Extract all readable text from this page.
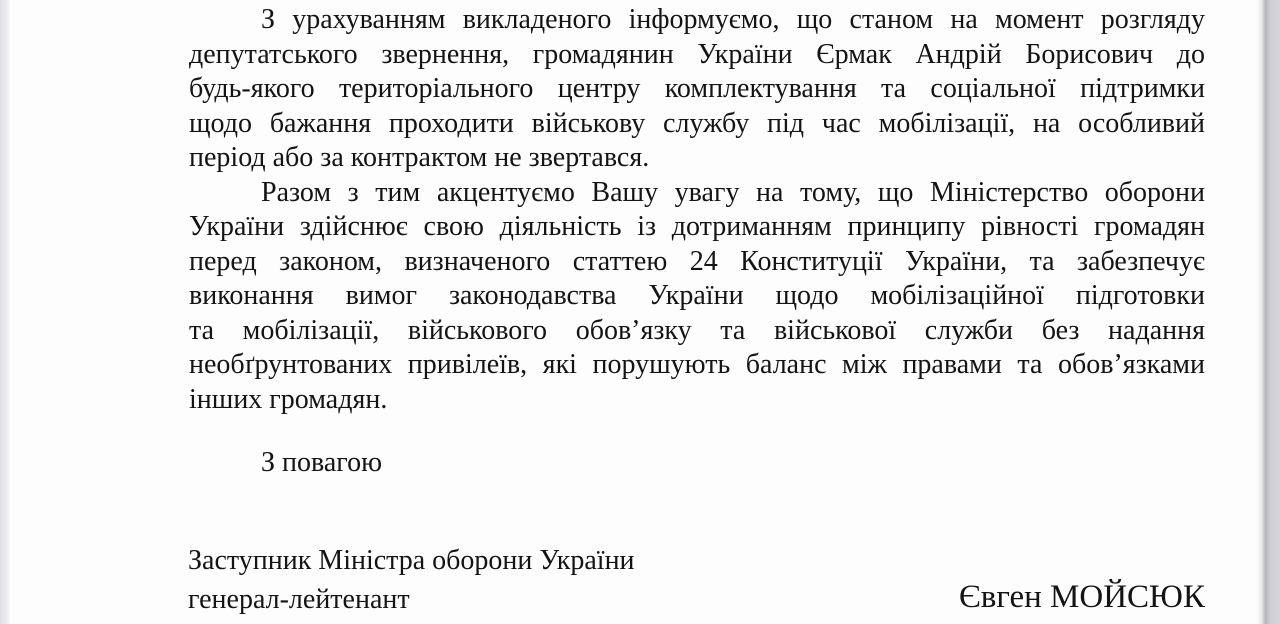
З урахуванням викладеного інформуємо, що станом на момент розгляду
депутатського звернення, громадянин України Єрмак Андрій Борисович до
будь-якого територіального центру комплектування та соціальної підтримки
щодо бажання проходити військову службу під час мобілізації, на особливий
період або за контрактом не звертався.
Разом з тим акцентуємо Вашу увагу на тому, що Міністерство оборони
України здійснює свою діяльність із дотриманням принципу рівності громадян
перед законом, визначеного статтею 24 Конституції України, та забезпечує
виконання вимог законодавства України щодо мобілізаційної підготовки
та мобілізації, військового обов’язку та військової служби без надання
необґрунтованих привілеїв, які порушують баланс між правами та обов’язками
інших громадян.
З повагою
Заступник Міністра оборони України
генерал-лейтенант	Євген МОЙСЮК
